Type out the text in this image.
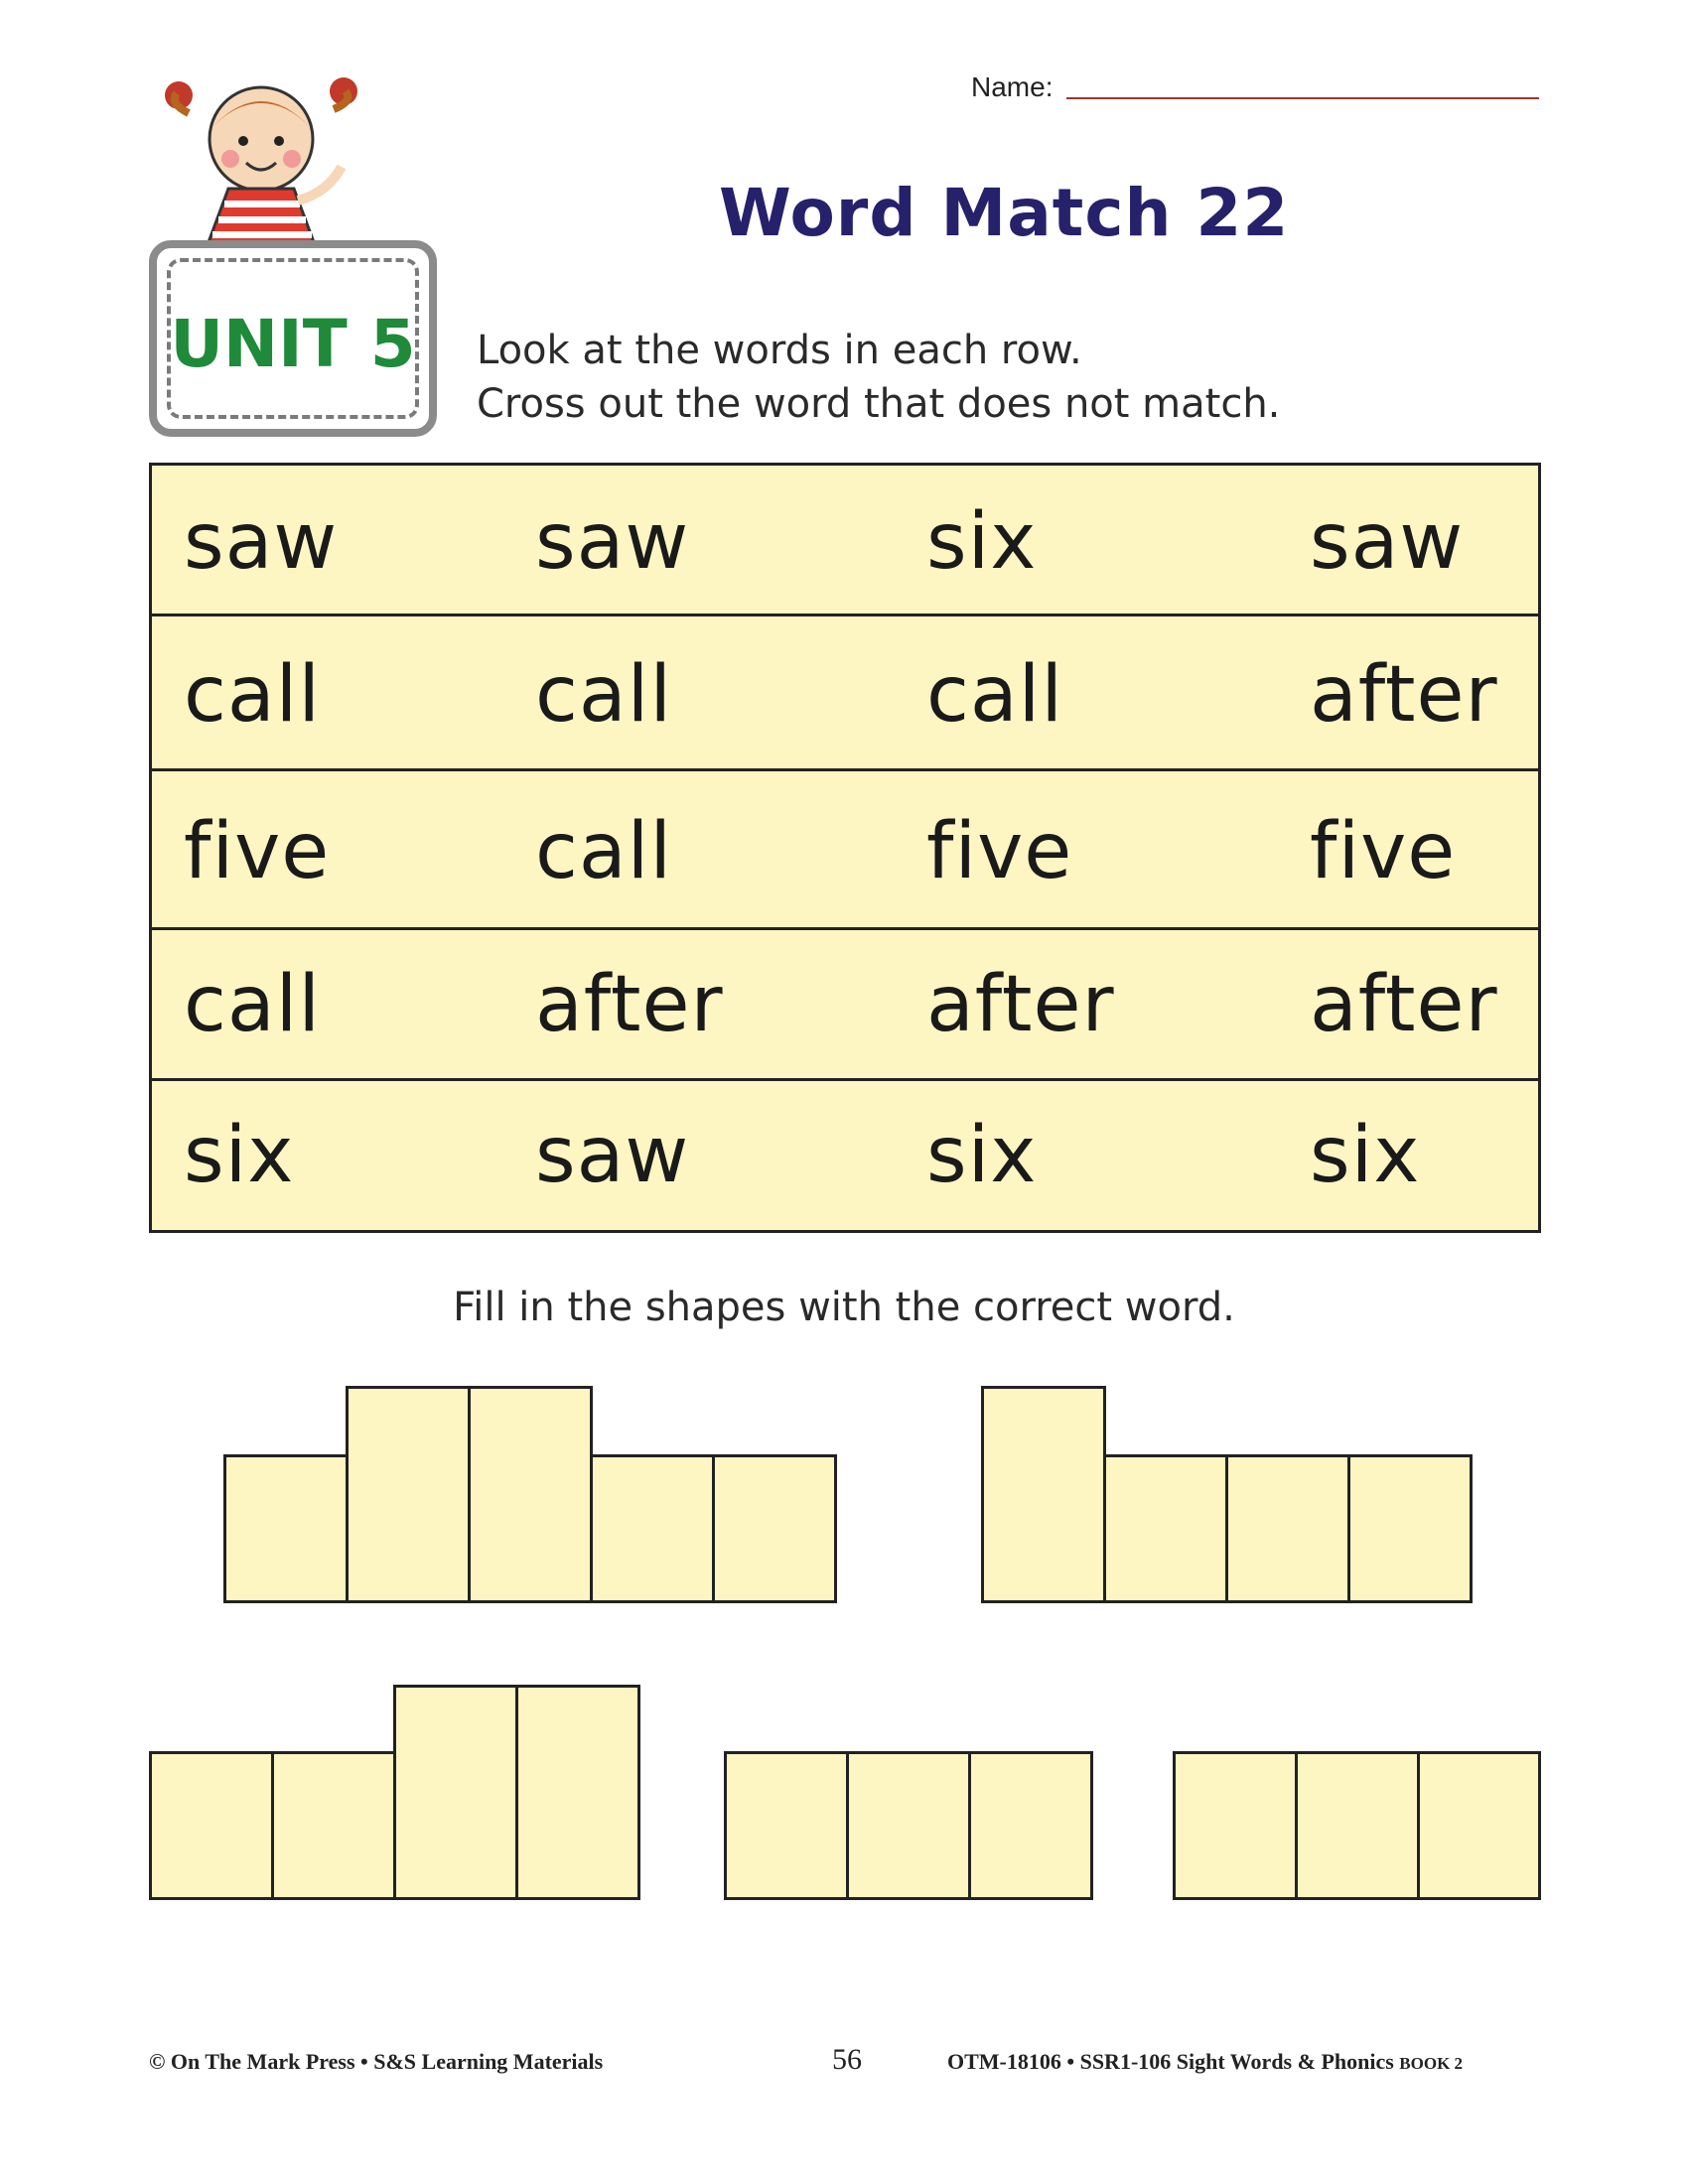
Name:
Word Match 22
UNIT 5	Look at the words in each row.
Cross out the word that does not match.
saw	saw	six	saw
call	call	call	after
five	call	five	five
call	after	after	after
six	saw	six	six
Fill in the shapes with the correct word.
© On The Mark Press • S&S Learning Materials	56	OTM-18106 • SSR1-106 Sight Words & Phonics BOOK 2
